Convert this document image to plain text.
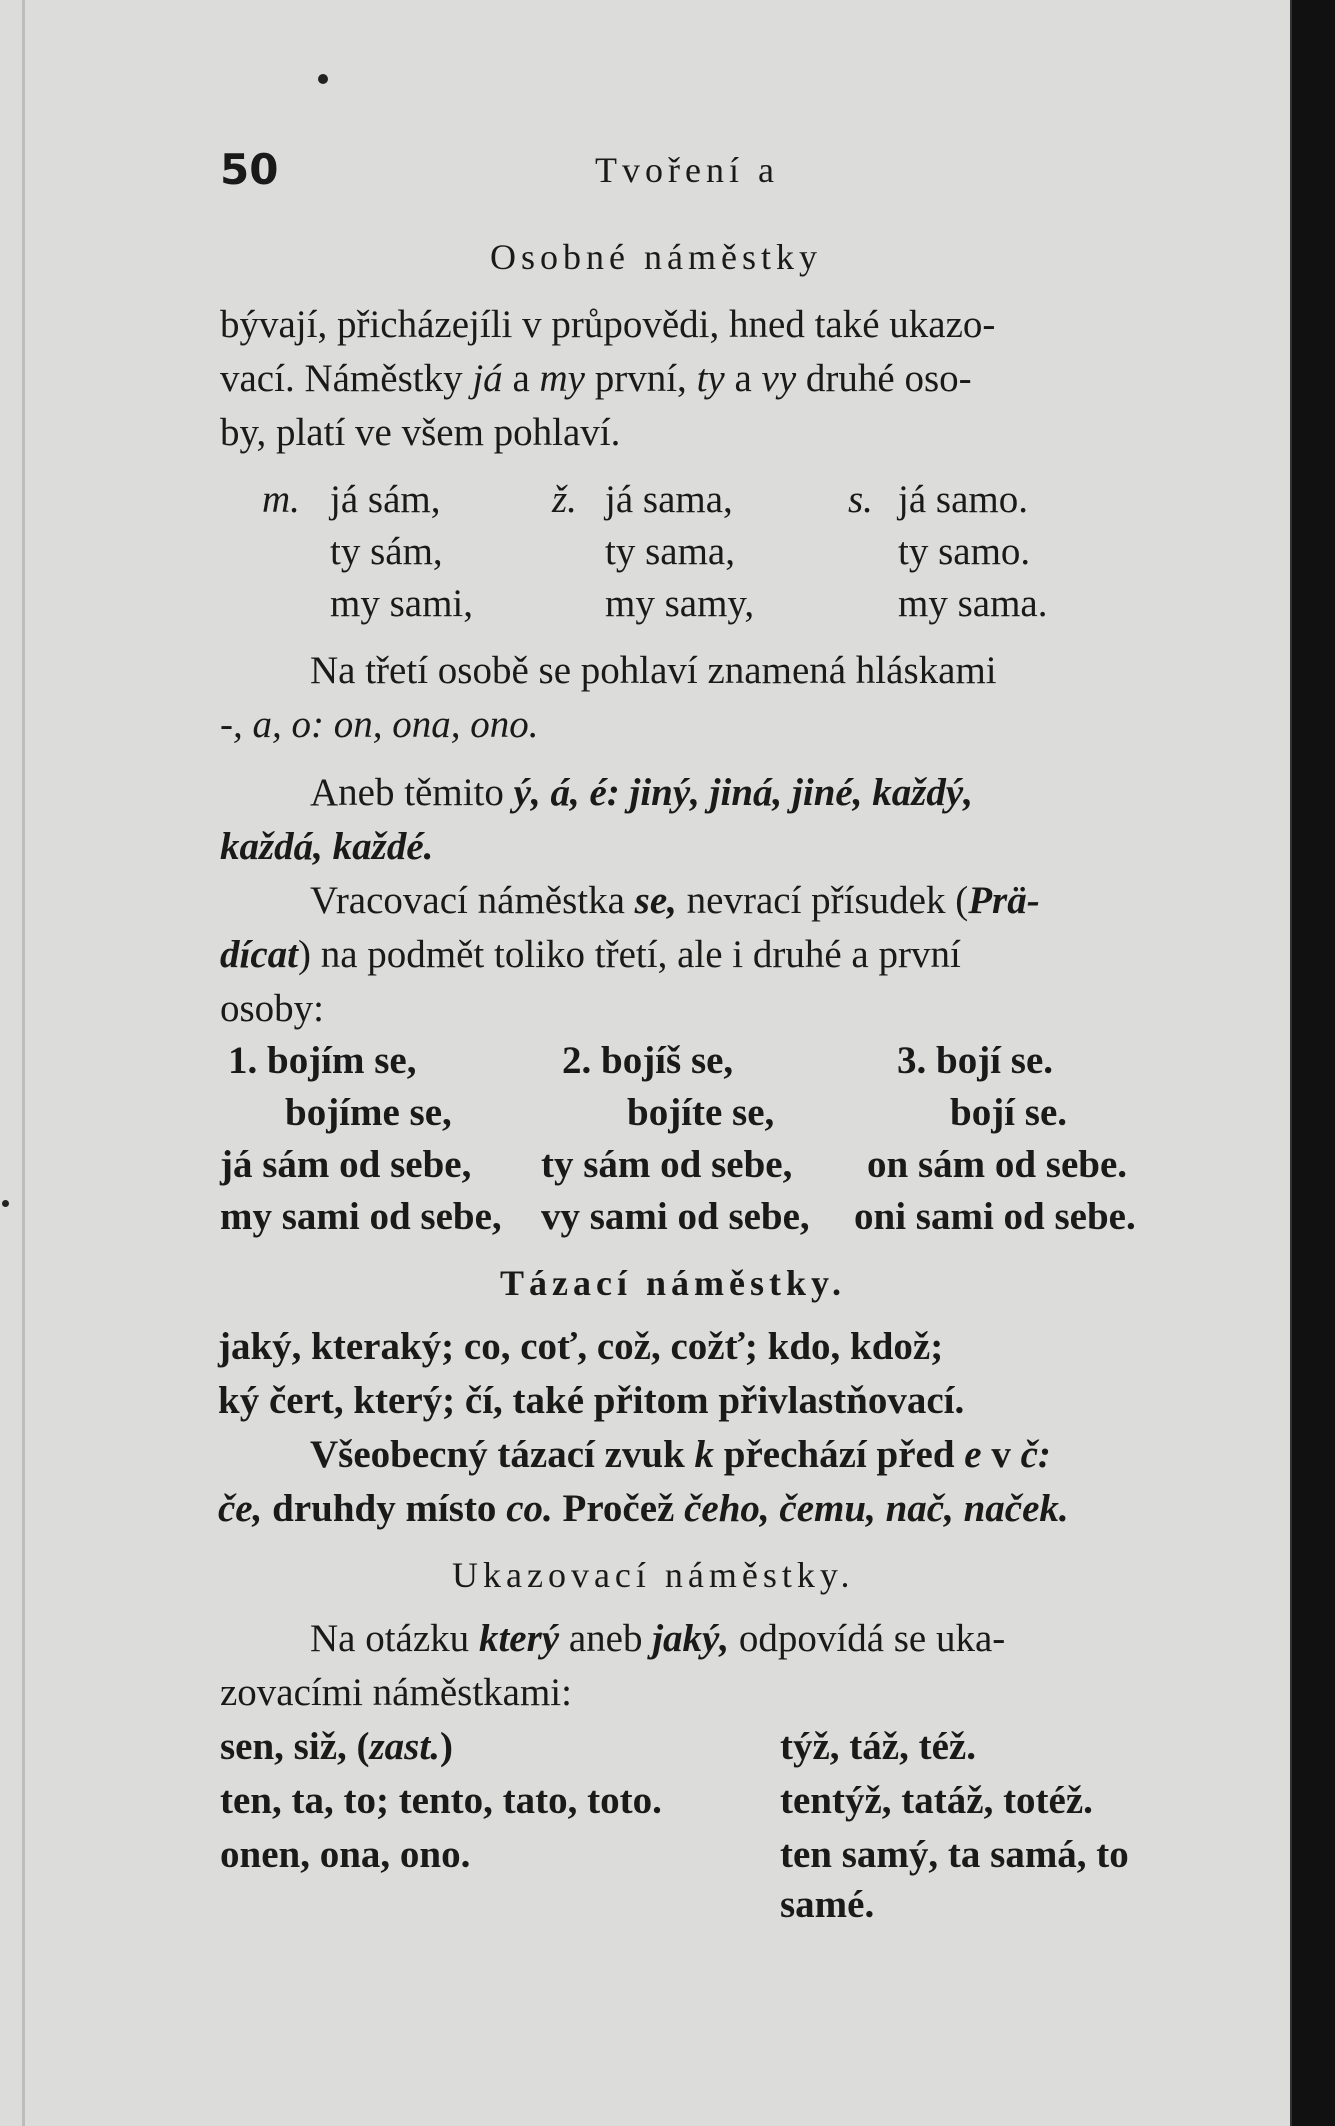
50	Tvoření a
Osobné náměstky
bývají, přicházejíli v průpovědi, hned také ukazo-
vací. Náměstky já a my první, ty a vy druhé oso-
by, platí ve všem pohlaví.
m. já sám,	ž. já sama,	s. já samo.
ty sám,	ty sama,	ty samo.
my sami,	my samy,	my sama.
Na třetí osobě se pohlaví znamená hláskami
-, a, o: on, ona, ono.
Aneb těmito ý, á, é: jiný, jiná, jiné, každý,
každá, každé.
Vracovací náměstka se, nevrací přísudek (Prä-
dícat) na podmět toliko třetí, ale i druhé a první
osoby:
1. bojím se,	2. bojíš se,	3. bojí se.
bojíme se,	bojíte se,	bojí se.
já sám od sebe, ty sám od sebe, on sám od sebe.
my sami od sebe, vy sami od sebe, oni sami od sebe.
Tázací náměstky.
jaký, kteraký; co, coť, což, cožť; kdo, kdož;
ký čert, který; čí, také přitom přivlastňovací.
Všeobecný tázací zvuk k přechází před e v č:
če, druhdy místo co. Pročež čeho, čemu, nač, naček.
Ukazovací náměstky.
Na otázku který aneb jaký, odpovídá se uka-
zovacími náměstkami:
sen, siž, (zast.)	týž, táž, též.
ten, ta, to; tento, tato, toto.	tentýž, tatáž, totéž.
onen, ona, ono.	ten samý, ta samá, to
samé.
